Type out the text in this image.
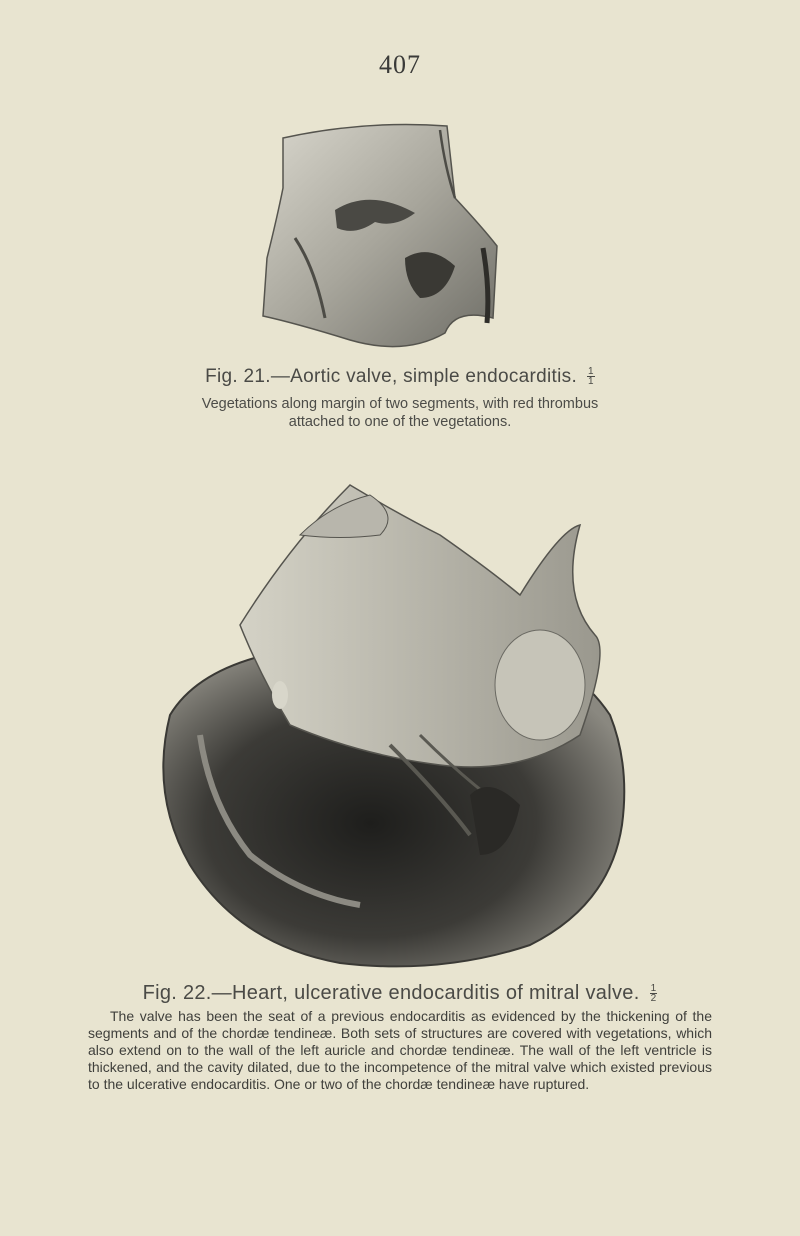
407
Fig. 21.—Aortic valve, simple endocarditis. $\frac{1}{1}$
Vegetations along margin of two segments, with red thrombus attached to one of the vegetations.
Fig. 22.—Heart, ulcerative endocarditis of mitral valve. $\frac{1}{2}$
The valve has been the seat of a previous endocarditis as evidenced by the thickening of the segments and of the chordæ tendineæ. Both sets of structures are covered with vegetations, which also extend on to the wall of the left auricle and chordæ tendineæ. The wall of the left ventricle is thickened, and the cavity dilated, due to the incompetence of the mitral valve which existed previous to the ulcerative endocarditis. One or two of the chordæ tendineæ have ruptured.
